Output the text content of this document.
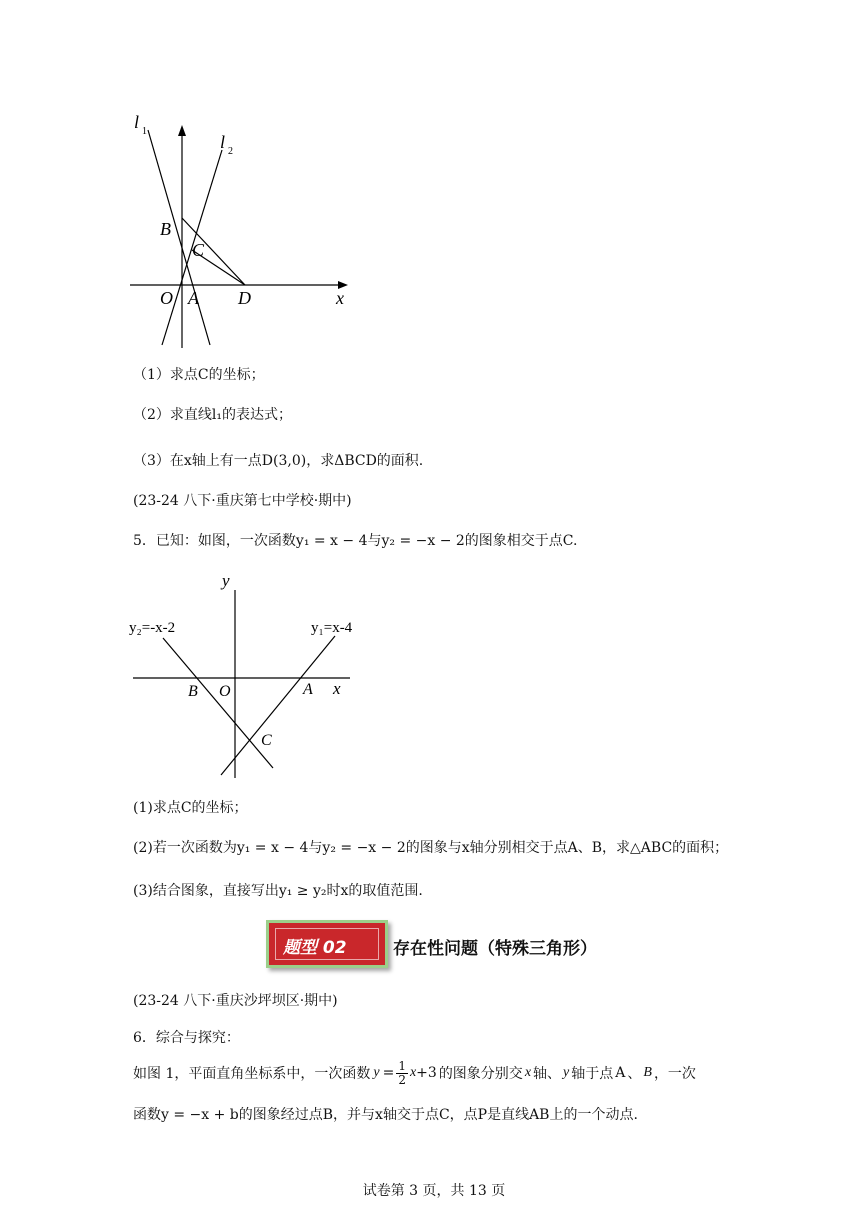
l 1
l 2
B
C
O A D	x
（1）求点C的坐标；
（2）求直线l₁的表达式；
（3）在x轴上有一点D(3,0)，求ΔBCD的面积.
(23-24 八下·重庆第七中学校·期中)
5．已知：如图，一次函数y₁ = x − 4与y₂ = −x − 2的图象相交于点C.
y
x
y₂=-x-2	y₁=x-4
B O	A
C
(1)求点C的坐标；
(2)若一次函数为y₁ = x − 4与y₂ = −x − 2的图象与x轴分别相交于点A、B，求△ABC的面积；
(3)结合图象，直接写出y₁ ≥ y₂时x的取值范围.
题型 02	存在性问题（特殊三角形）
(23-24 八下·重庆沙坪坝区·期中)
6．综合与探究：
如图 1，平面直角坐标系中，一次函数 $y = \frac{1}{2}$ x +3 的图象分别交 x 轴、 y 轴于点 A 、 B ，一次
函数y = −x + b的图象经过点B，并与x轴交于点C，点P是直线AB上的一个动点.
试卷第 3 页，共 13 页
